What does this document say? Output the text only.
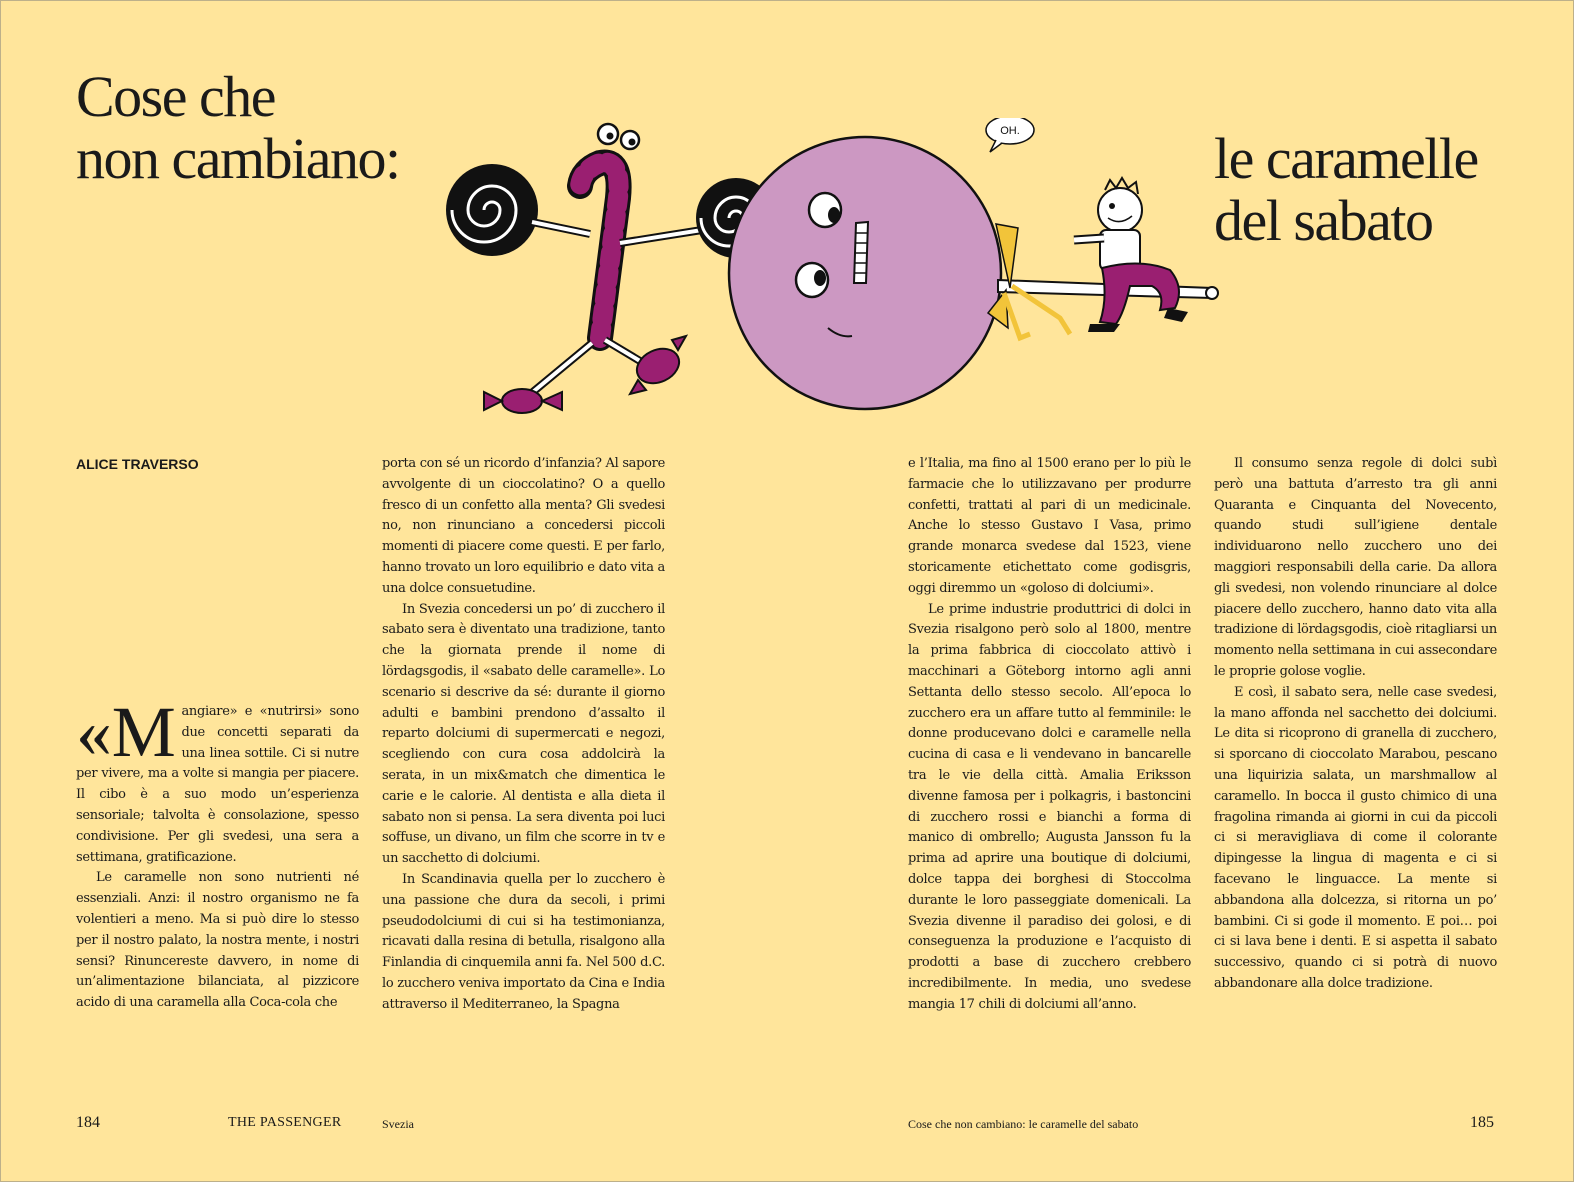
Cose che
non cambiano:	le caramelle
del sabato
OH.
ALICE TRAVERSO

«M angiare» e «nutrirsi» sono due concetti separati da una linea sottile. Ci si nutre per vivere, ma a volte si mangia per piacere. Il cibo è a suo modo un’esperienza sensoriale; talvolta è consolazione, spesso condivisione. Per gli svedesi, una sera a settimana, gratificazione.

Le caramelle non sono nutrienti né essenziali. Anzi: il nostro organismo ne fa volentieri a meno. Ma si può dire lo stesso per il nostro palato, la nostra mente, i nostri sensi? Rinuncereste davvero, in nome di un’alimentazione bilanciata, al pizzicore acido di una caramella alla Coca-cola che

porta con sé un ricordo d’infanzia? Al sapore avvolgente di un cioccolatino? O a quello fresco di un confetto alla menta? Gli svedesi no, non rinunciano a concedersi piccoli momenti di piacere come questi. E per farlo, hanno trovato un loro equilibrio e dato vita a una dolce consuetudine.

In Svezia concedersi un po’ di zucchero il sabato sera è diventato una tradizione, tanto che la giornata prende il nome di lördagsgodis, il «sabato delle caramelle». Lo scenario si descrive da sé: durante il giorno adulti e bambini prendono d’assalto il reparto dolciumi di supermercati e negozi, scegliendo con cura cosa addolcirà la serata, in un mix&match che dimentica le carie e le calorie. Al dentista e alla dieta il sabato non si pensa. La sera diventa poi luci soffuse, un divano, un film che scorre in tv e un sacchetto di dolciumi.

In Scandinavia quella per lo zucchero è una passione che dura da secoli, i primi pseudodolciumi di cui si ha testimonianza, ricavati dalla resina di betulla, risalgono alla Finlandia di cinquemila anni fa. Nel 500 d.C. lo zucchero veniva importato da Cina e India attraverso il Mediterraneo, la Spagna

e l’Italia, ma fino al 1500 erano per lo più le farmacie che lo utilizzavano per produrre confetti, trattati al pari di un medicinale. Anche lo stesso Gustavo I Vasa, primo grande monarca svedese dal 1523, viene storicamente etichettato come godisgris, oggi diremmo un «goloso di dolciumi».

Le prime industrie produttrici di dolci in Svezia risalgono però solo al 1800, mentre la prima fabbrica di cioccolato attivò i macchinari a Göteborg intorno agli anni Settanta dello stesso secolo. All’epoca lo zucchero era un affare tutto al femminile: le donne producevano dolci e caramelle nella cucina di casa e li vendevano in bancarelle tra le vie della città. Amalia Eriksson divenne famosa per i polkagris, i bastoncini di zucchero rossi e bianchi a forma di manico di ombrello; Augusta Jansson fu la prima ad aprire una boutique di dolciumi, dolce tappa dei borghesi di Stoccolma durante le loro passeggiate domenicali. La Svezia divenne il paradiso dei golosi, e di conseguenza la produzione e l’acquisto di prodotti a base di zucchero crebbero incredibilmente. In media, uno svedese mangia 17 chili di dolciumi all’anno.

Il consumo senza regole di dolci subì però una battuta d’arresto tra gli anni Quaranta e Cinquanta del Novecento, quando studi sull’igiene dentale individuarono nello zucchero uno dei maggiori responsabili della carie. Da allora gli svedesi, non volendo rinunciare al dolce piacere dello zucchero, hanno dato vita alla tradizione di lördagsgodis, cioè ritagliarsi un momento nella settimana in cui assecondare le proprie golose voglie.

E così, il sabato sera, nelle case svedesi, la mano affonda nel sacchetto dei dolciumi. Le dita si ricoprono di granella di zucchero, si sporcano di cioccolato Marabou, pescano una liquirizia salata, un marshmallow al caramello. In bocca il gusto chimico di una fragolina rimanda ai giorni in cui da piccoli ci si meravigliava di come il colorante dipingesse la lingua di magenta e ci si facevano le linguacce. La mente si abbandona alla dolcezza, si ritorna un po’ bambini. Ci si gode il momento. E poi… poi ci si lava bene i denti. E si aspetta il sabato successivo, quando ci si potrà di nuovo abbandonare alla dolce tradizione.

184	THE PASSENGER	Svezia	Cose che non cambiano: le caramelle del sabato	185
